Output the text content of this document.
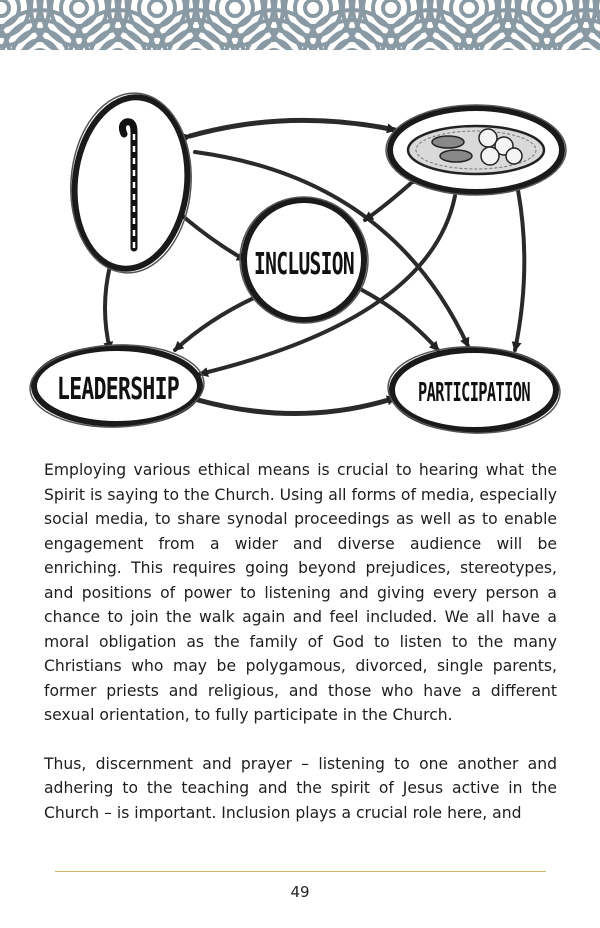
INCLUSION
LEADERSHIP	PARTICIPATION

Employing various ethical means is crucial to hearing what the Spirit is saying to the Church. Using all forms of media, especially social media, to share synodal proceedings as well as to enable engagement from a wider and diverse audience will be enriching. This requires going beyond prejudices, stereotypes, and positions of power to listening and giving every person a chance to join the walk again and feel included. We all have a moral obligation as the family of God to listen to the many Christians who may be polygamous, divorced, single parents, former priests and religious, and those who have a different sexual orientation, to fully participate in the Church.

Thus, discernment and prayer – listening to one another and adhering to the teaching and the spirit of Jesus active in the Church – is important. Inclusion plays a crucial role here, and

49
